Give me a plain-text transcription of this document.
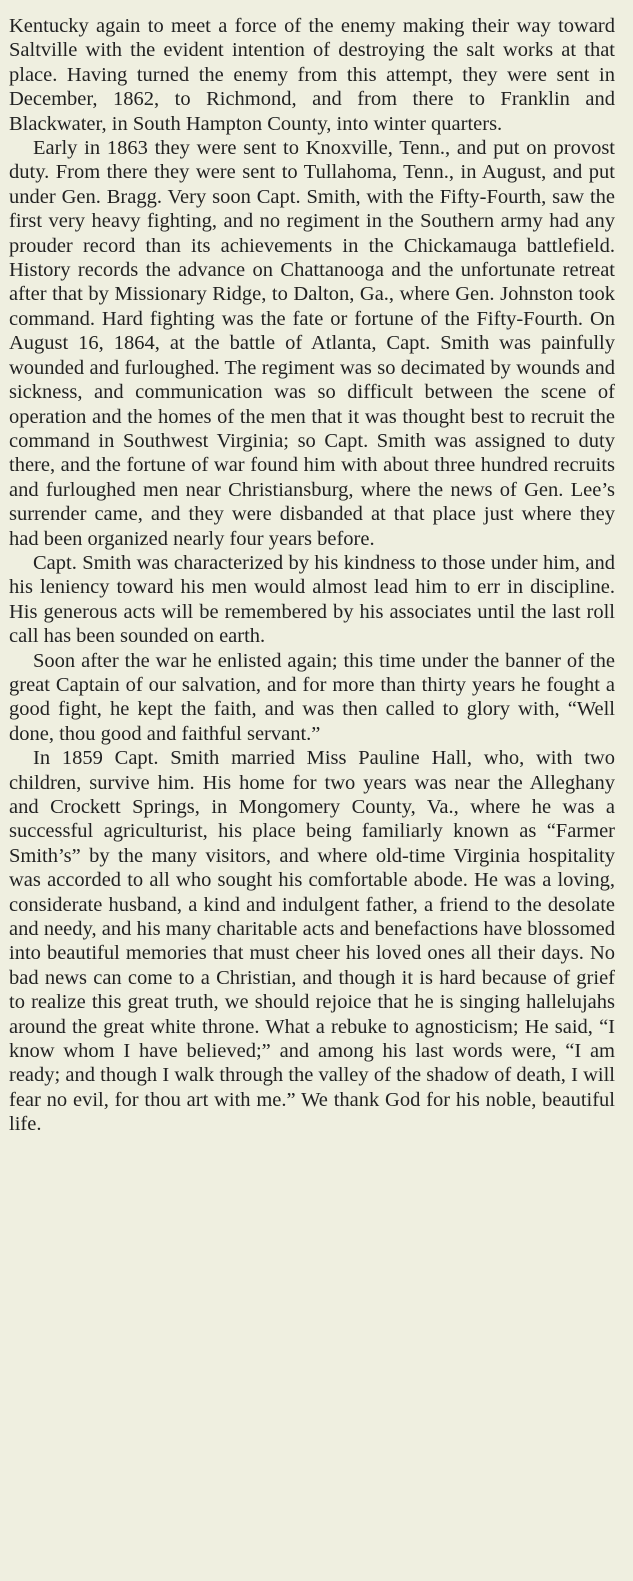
Kentucky again to meet a force of the enemy making their way toward Saltville with the evident intention of destroying the salt works at that place. Having turned the enemy from this attempt, they were sent in December, 1862, to Richmond, and from there to Franklin and Blackwater, in South Hampton County, into winter quarters.

Early in 1863 they were sent to Knoxville, Tenn., and put on provost duty. From there they were sent to Tullahoma, Tenn., in August, and put under Gen. Bragg. Very soon Capt. Smith, with the Fifty-Fourth, saw the first very heavy fighting, and no regiment in the Southern army had any prouder record than its achievements in the Chickamauga battlefield. History records the advance on Chattanooga and the unfortunate retreat after that by Missionary Ridge, to Dalton, Ga., where Gen. Johnston took command. Hard fighting was the fate or fortune of the Fifty-Fourth. On August 16, 1864, at the battle of Atlanta, Capt. Smith was painfully wounded and furloughed. The regiment was so decimated by wounds and sickness, and communication was so difficult between the scene of operation and the homes of the men that it was thought best to recruit the command in Southwest Virginia; so Capt. Smith was assigned to duty there, and the fortune of war found him with about three hundred recruits and furloughed men near Christiansburg, where the news of Gen. Lee’s surrender came, and they were disbanded at that place just where they had been organized nearly four years before.

Capt. Smith was characterized by his kindness to those under him, and his leniency toward his men would almost lead him to err in discipline. His generous acts will be remembered by his associates until the last roll call has been sounded on earth.

Soon after the war he enlisted again; this time under the banner of the great Captain of our salvation, and for more than thirty years he fought a good fight, he kept the faith, and was then called to glory with, “Well done, thou good and faithful servant.”

In 1859 Capt. Smith married Miss Pauline Hall, who, with two children, survive him. His home for two years was near the Alleghany and Crockett Springs, in Mongomery County, Va., where he was a successful agriculturist, his place being familiarly known as “Farmer Smith’s” by the many visitors, and where old-time Virginia hospitality was accorded to all who sought his comfortable abode. He was a loving, considerate husband, a kind and indulgent father, a friend to the desolate and needy, and his many charitable acts and benefactions have blossomed into beautiful memories that must cheer his loved ones all their days. No bad news can come to a Christian, and though it is hard because of grief to realize this great truth, we should rejoice that he is singing hallelujahs around the great white throne. What a rebuke to agnosticism; He said, “I know whom I have believed;” and among his last words were, “I am ready; and though I walk through the valley of the shadow of death, I will fear no evil, for thou art with me.” We thank God for his noble, beautiful life.
